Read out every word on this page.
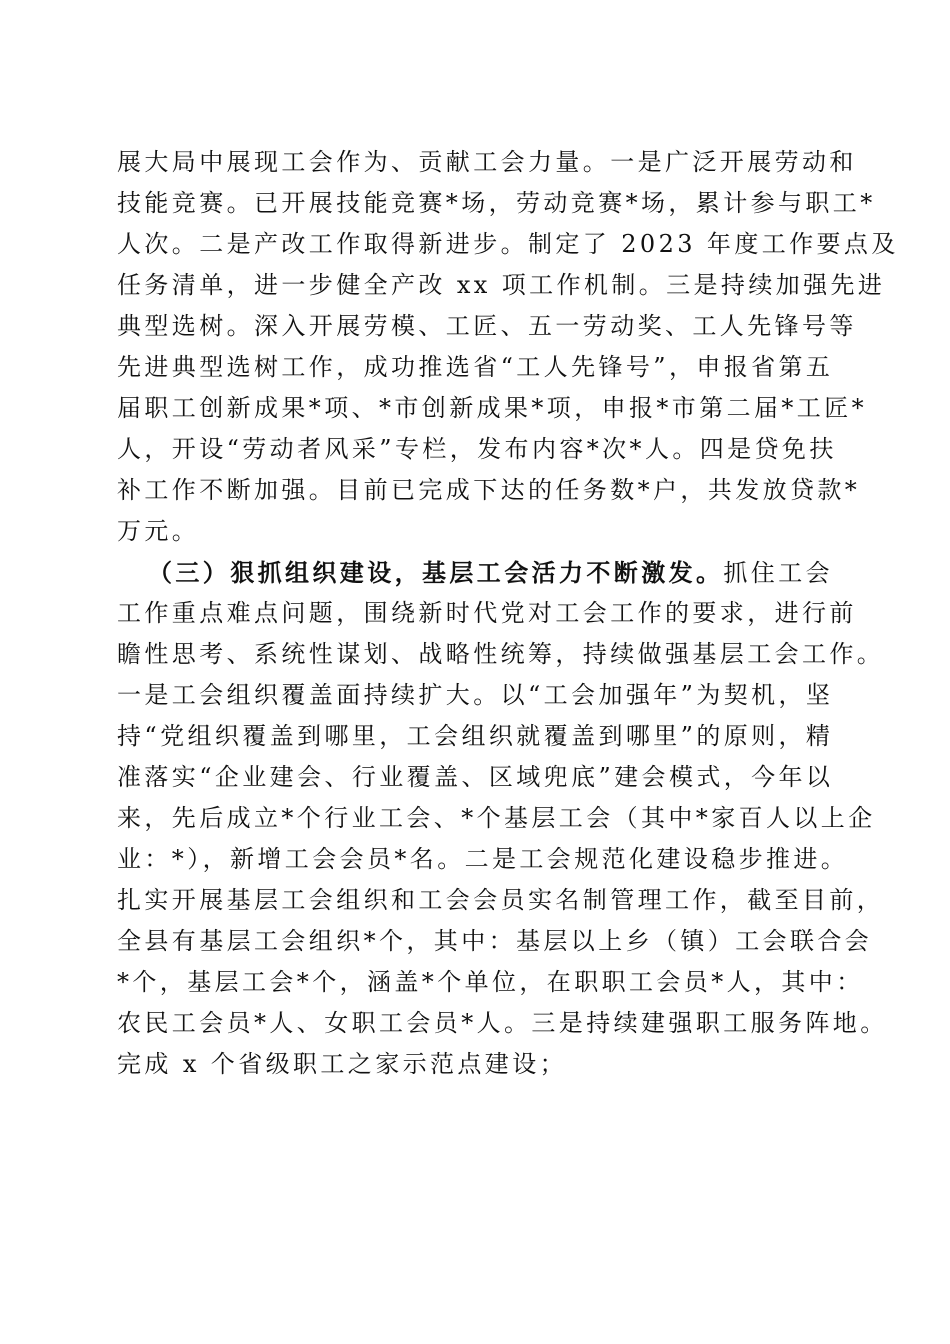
展大局中展现工会作为、贡献工会力量。一是广泛开展劳动和
技能竞赛。已开展技能竞赛*场，劳动竞赛*场，累计参与职工*
人次。二是产改工作取得新进步。制定了 2023 年度工作要点及
任务清单，进一步健全产改 xx 项工作机制。三是持续加强先进
典型选树。深入开展劳模、工匠、五一劳动奖、工人先锋号等
先进典型选树工作，成功推选省“工人先锋号”，申报省第五
届职工创新成果*项、*市创新成果*项，申报*市第二届*工匠*
人，开设“劳动者风采”专栏，发布内容*次*人。四是贷免扶
补工作不断加强。目前已完成下达的任务数*户，共发放贷款*
万元。
（三）狠抓组织建设，基层工会活力不断激发。抓住工会
工作重点难点问题，围绕新时代党对工会工作的要求，进行前
瞻性思考、系统性谋划、战略性统筹，持续做强基层工会工作。
一是工会组织覆盖面持续扩大。以“工会加强年”为契机，坚
持“党组织覆盖到哪里，工会组织就覆盖到哪里”的原则，精
准落实“企业建会、行业覆盖、区域兜底”建会模式，今年以
来，先后成立*个行业工会、*个基层工会（其中*家百人以上企
业：*），新增工会会员*名。二是工会规范化建设稳步推进。
扎实开展基层工会组织和工会会员实名制管理工作，截至目前，
全县有基层工会组织*个，其中：基层以上乡（镇）工会联合会
*个，基层工会*个，涵盖*个单位，在职职工会员*人，其中：
农民工会员*人、女职工会员*人。三是持续建强职工服务阵地。
完成 x 个省级职工之家示范点建设；
